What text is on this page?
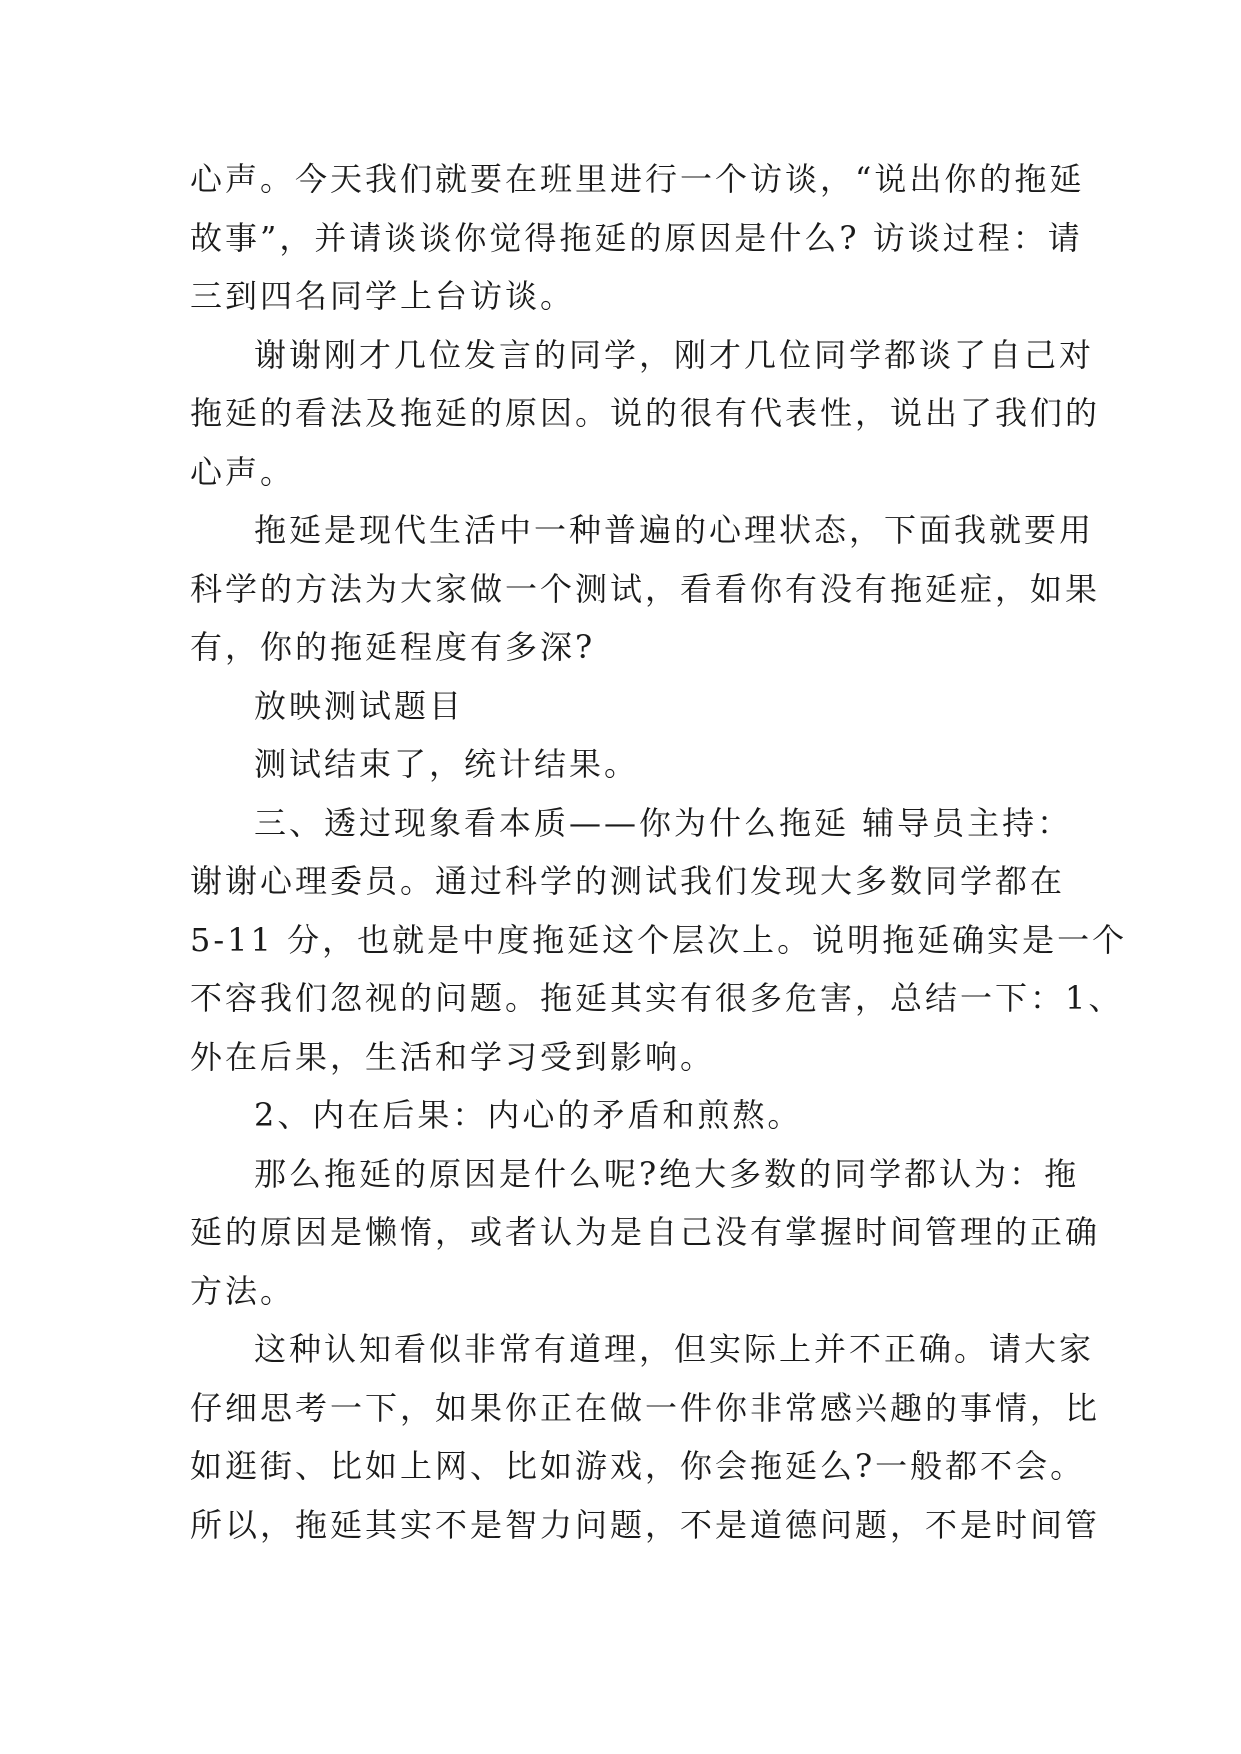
心声。今天我们就要在班里进行一个访谈，“说出你的拖延
故事”，并请谈谈你觉得拖延的原因是什么? 访谈过程：请
三到四名同学上台访谈。
谢谢刚才几位发言的同学，刚才几位同学都谈了自己对
拖延的看法及拖延的原因。说的很有代表性，说出了我们的
心声。
拖延是现代生活中一种普遍的心理状态，下面我就要用
科学的方法为大家做一个测试，看看你有没有拖延症，如果
有，你的拖延程度有多深?
放映测试题目
测试结束了，统计结果。
三、透过现象看本质——你为什么拖延 辅导员主持：
谢谢心理委员。通过科学的测试我们发现大多数同学都在
5-11 分，也就是中度拖延这个层次上。说明拖延确实是一个
不容我们忽视的问题。拖延其实有很多危害，总结一下：1、
外在后果，生活和学习受到影响。
2、内在后果：内心的矛盾和煎熬。
那么拖延的原因是什么呢?绝大多数的同学都认为：拖
延的原因是懒惰，或者认为是自己没有掌握时间管理的正确
方法。
这种认知看似非常有道理，但实际上并不正确。请大家
仔细思考一下，如果你正在做一件你非常感兴趣的事情，比
如逛街、比如上网、比如游戏，你会拖延么?一般都不会。
所以，拖延其实不是智力问题，不是道德问题，不是时间管
